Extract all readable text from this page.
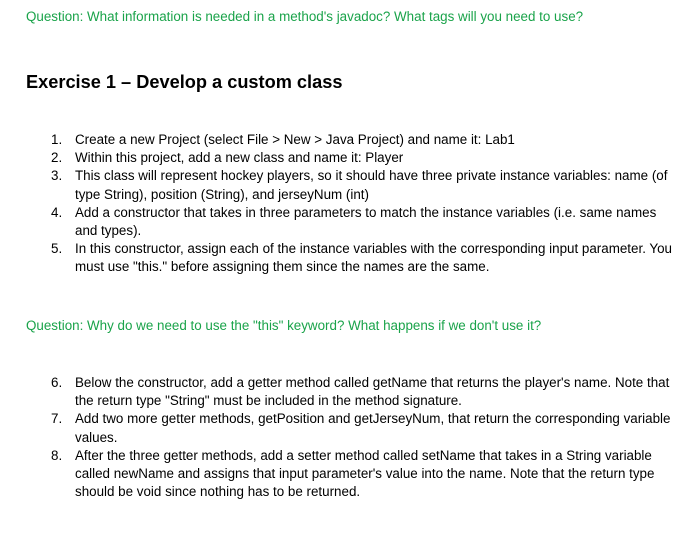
Question: What information is needed in a method's javadoc? What tags will you need to use?
Exercise 1 – Develop a custom class
1. Create a new Project (select File > New > Java Project) and name it: Lab1
2. Within this project, add a new class and name it: Player
3. This class will represent hockey players, so it should have three private instance variables: name (of type String), position (String), and jerseyNum (int)
4. Add a constructor that takes in three parameters to match the instance variables (i.e. same names and types).
5. In this constructor, assign each of the instance variables with the corresponding input parameter. You must use "this." before assigning them since the names are the same.
Question: Why do we need to use the "this" keyword? What happens if we don't use it?
6. Below the constructor, add a getter method called getName that returns the player's name. Note that the return type "String" must be included in the method signature.
7. Add two more getter methods, getPosition and getJerseyNum, that return the corresponding variable values.
8. After the three getter methods, add a setter method called setName that takes in a String variable called newName and assigns that input parameter's value into the name. Note that the return type should be void since nothing has to be returned.
